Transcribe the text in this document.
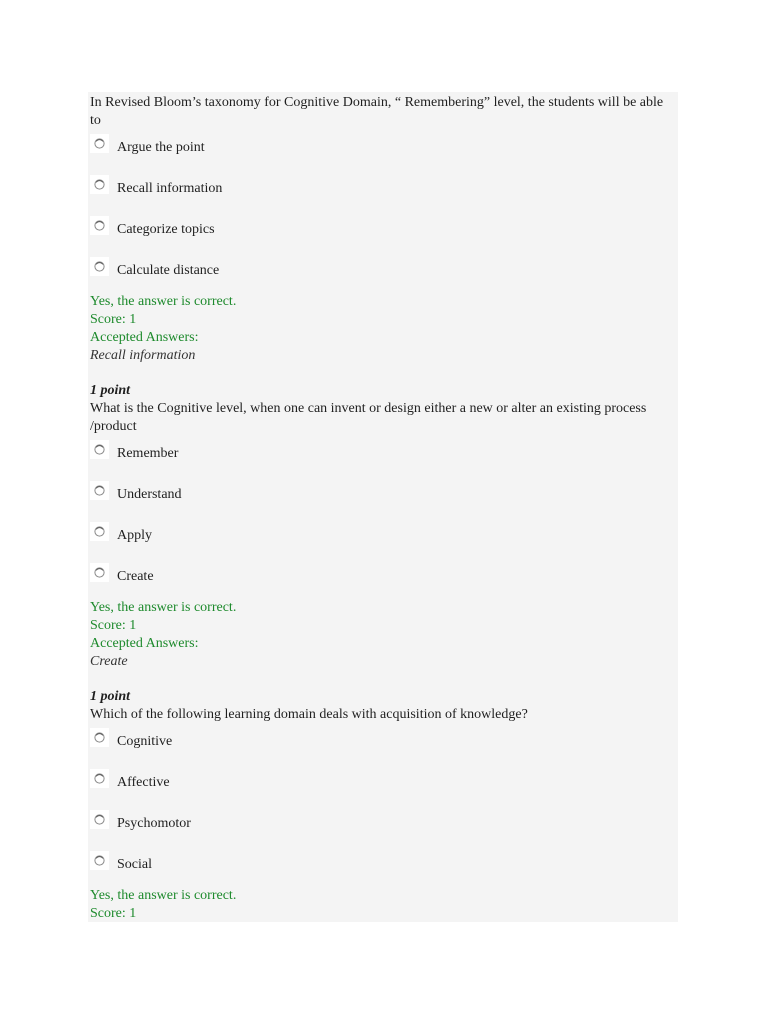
In Revised Bloom’s taxonomy for Cognitive Domain, “ Remembering” level, the students will be able to

Argue the point
Recall information
Categorize topics
Calculate distance

Yes, the answer is correct.

Score: 1

Accepted Answers:

Recall information

1 point

What is the Cognitive level, when one can invent or design either a new or alter an existing process /product

Remember
Understand
Apply
Create

Yes, the answer is correct.

Score: 1

Accepted Answers:

Create

1 point

Which of the following learning domain deals with acquisition of knowledge?

Cognitive
Affective
Psychomotor
Social

Yes, the answer is correct.

Score: 1
